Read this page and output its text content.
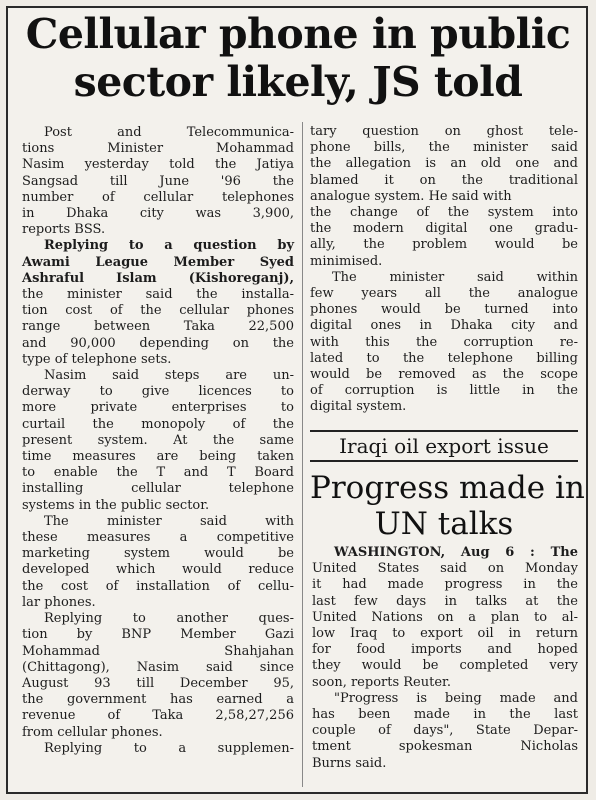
Cellular phone in public
sector likely, JS told
Post and Telecommunica-
tions Minister Mohammad
Nasim yesterday told the Jatiya
Sangsad till June '96 the
number of cellular telephones
in Dhaka city was 3,900,
reports BSS.
Replying to a question by
Awami League Member Syed
Ashraful Islam (Kishoreganj),
the minister said the installa-
tion cost of the cellular phones
range between Taka 22,500
and 90,000 depending on the
type of telephone sets.
Nasim said steps are un-
derway to give licences to
more private enterprises to
curtail the monopoly of the
present system. At the same
time measures are being taken
to enable the T and T Board
installing cellular telephone
systems in the public sector.
The minister said with
these measures a competitive
marketing system would be
developed which would reduce
the cost of installation of cellu-
lar phones.
Replying to another ques-
tion by BNP Member Gazi
Mohammad Shahjahan
(Chittagong), Nasim said since
August 93 till December 95,
the government has earned a
revenue of Taka 2,58,27,256
from cellular phones.
Replying to a supplemen-
tary question on ghost tele-
phone bills, the minister said
the allegation is an old one and
blamed it on the traditional
analogue system. He said with
the change of the system into
the modern digital one gradu-
ally, the problem would be
minimised.
The minister said within
few years all the analogue
phones would be turned into
digital ones in Dhaka city and
with this the corruption re-
lated to the telephone billing
would be removed as the scope
of corruption is little in the
digital system.
Iraqi oil export issue
Progress made in
UN talks
WASHINGTON, Aug 6 : The
United States said on Monday
it had made progress in the
last few days in talks at the
United Nations on a plan to al-
low Iraq to export oil in return
for food imports and hoped
they would be completed very
soon, reports Reuter.
"Progress is being made and
has been made in the last
couple of days", State Depar-
tment spokesman Nicholas
Burns said.
